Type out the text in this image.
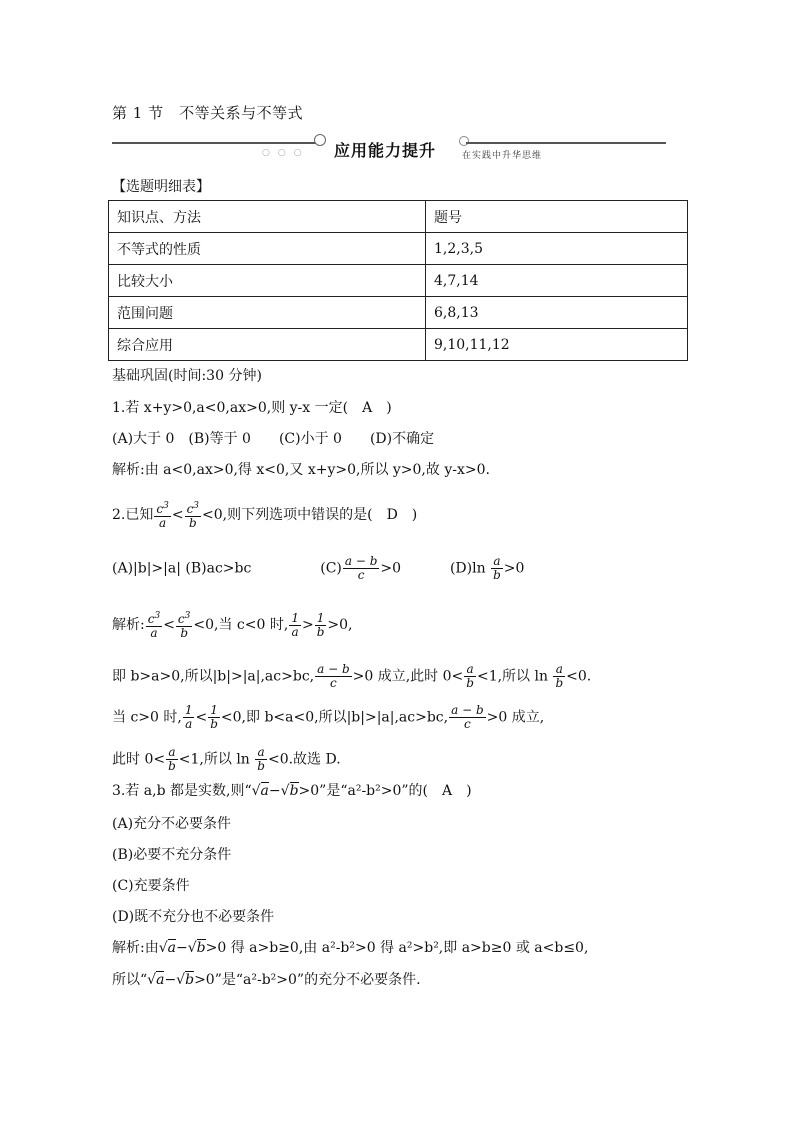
第 1 节　不等关系与不等式
○○○ 应用能力提升	在实践中升华思维
【选题明细表】
知识点、方法	题号
不等式的性质	1,2,3,5
比较大小	4,7,14
范围问题	6,8,13
综合应用	9,10,11,12
基础巩固(时间:30 分钟)
1.若 x+y>0,a<0,ax>0,则 y-x 一定(　A　)
(A)大于 0　(B)等于 0　　(C)小于 0　　(D)不确定
解析:由 a<0,ax>0,得 x<0,又 x+y>0,所以 y>0,故 y-x>0.
2.已知 $\frac{c^3}{a} < \frac{c^3}{b} <0$,则下列选项中错误的是(　D　)
(A)|b|>|a| (B)ac>bc	$(C) \frac{a - b}{c} >0$	$(D)\ln \frac{a}{b} >0$
解析: $\frac{c^3}{a} < \frac{c^3}{b} <0$,当 c<0 时, $\frac{1}{a} > \frac{1}{b} >0$,
即 b>a>0,所以|b|>|a|,ac>bc, $\frac{a - b}{c} >0$ 成立,此时 $0< \frac{a}{b} <1$,所以 $\ln \frac{a}{b} <0$.
当 c>0 时, $\frac{1}{a} < \frac{1}{b} <0$,即 b<a<0,所以|b|>|a|,ac>bc, $\frac{a - b}{c} >0$ 成立,
此时 $0< \frac{a}{b} <1$,所以 $\ln \frac{a}{b} <0$.故选 D.
3.若 a,b 都是实数,则“√a−√b>0”是“a²-b²>0”的(　A　)
(A)充分不必要条件
(B)必要不充分条件
(C)充要条件
(D)既不充分也不必要条件
解析:由√a−√b>0 得 a>b≥0,由 a²-b²>0 得 a²>b²,即 a>b≥0 或 a<b≤0,
所以“√a−√b>0”是“a²-b²>0”的充分不必要条件.
